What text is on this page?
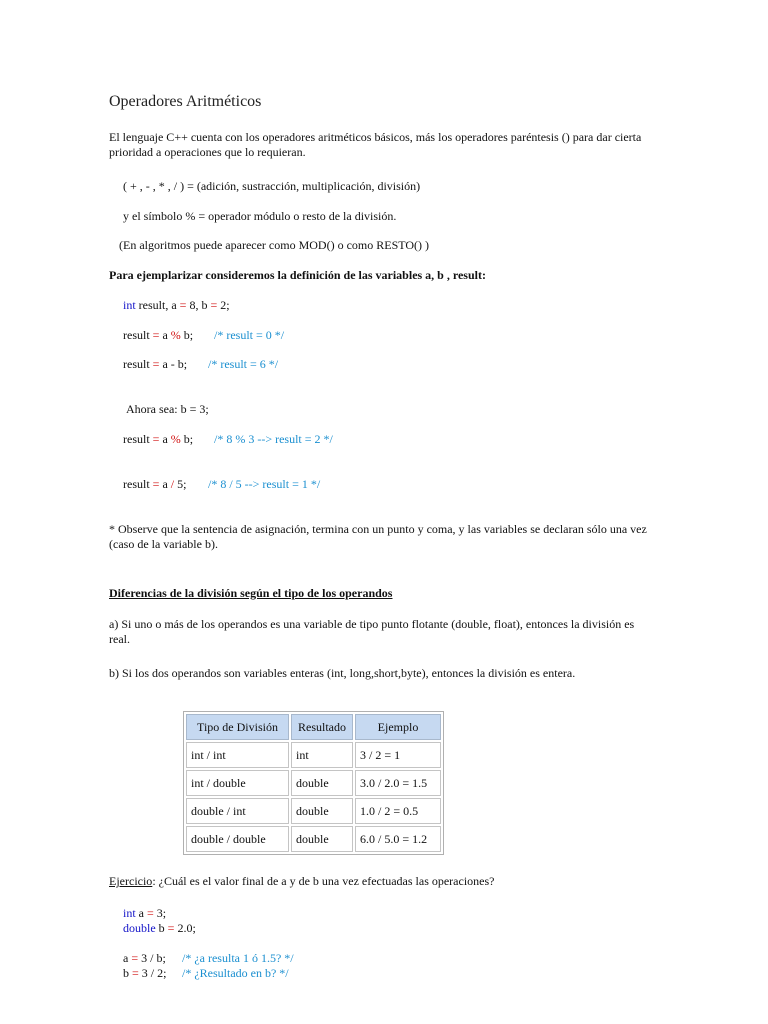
Operadores Aritméticos
El lenguaje C++ cuenta con los operadores aritméticos básicos, más los operadores paréntesis () para dar cierta prioridad a operaciones que lo requieran.
( + , - , * , / ) = (adición, sustracción, multiplicación, división)
y el símbolo % = operador módulo o resto de la división.
(En algoritmos puede aparecer como MOD() o como RESTO() )
Para ejemplarizar consideremos la definición de las variables a, b , result:
int result, a = 8, b = 2;
result = a % b; /* result = 0 */
result = a - b; /* result = 6 */
Ahora sea: b = 3;
result = a % b; /* 8 % 3 --> result = 2 */
result = a / 5; /* 8 / 5 --> result = 1 */
* Observe que la sentencia de asignación, termina con un punto y coma, y las variables se declaran sólo una vez (caso de la variable b).
Diferencias de la división según el tipo de los operandos
a) Si uno o más de los operandos es una variable de tipo punto flotante (double, float), entonces la división es real.
b) Si los dos operandos son variables enteras (int, long,short,byte), entonces la división es entera.
Tipo de División	Resultado	Ejemplo
int / int	int	3 / 2 = 1
int / double	double	3.0 / 2.0 = 1.5
double / int	double	1.0 / 2 = 0.5
double / double	double	6.0 / 5.0 = 1.2
Ejercicio: ¿Cuál es el valor final de a y de b una vez efectuadas las operaciones?
int a = 3;
double b = 2.0;
a = 3 / b; /* ¿a resulta 1 ó 1.5? */
b = 3 / 2; /* ¿Resultado en b? */
